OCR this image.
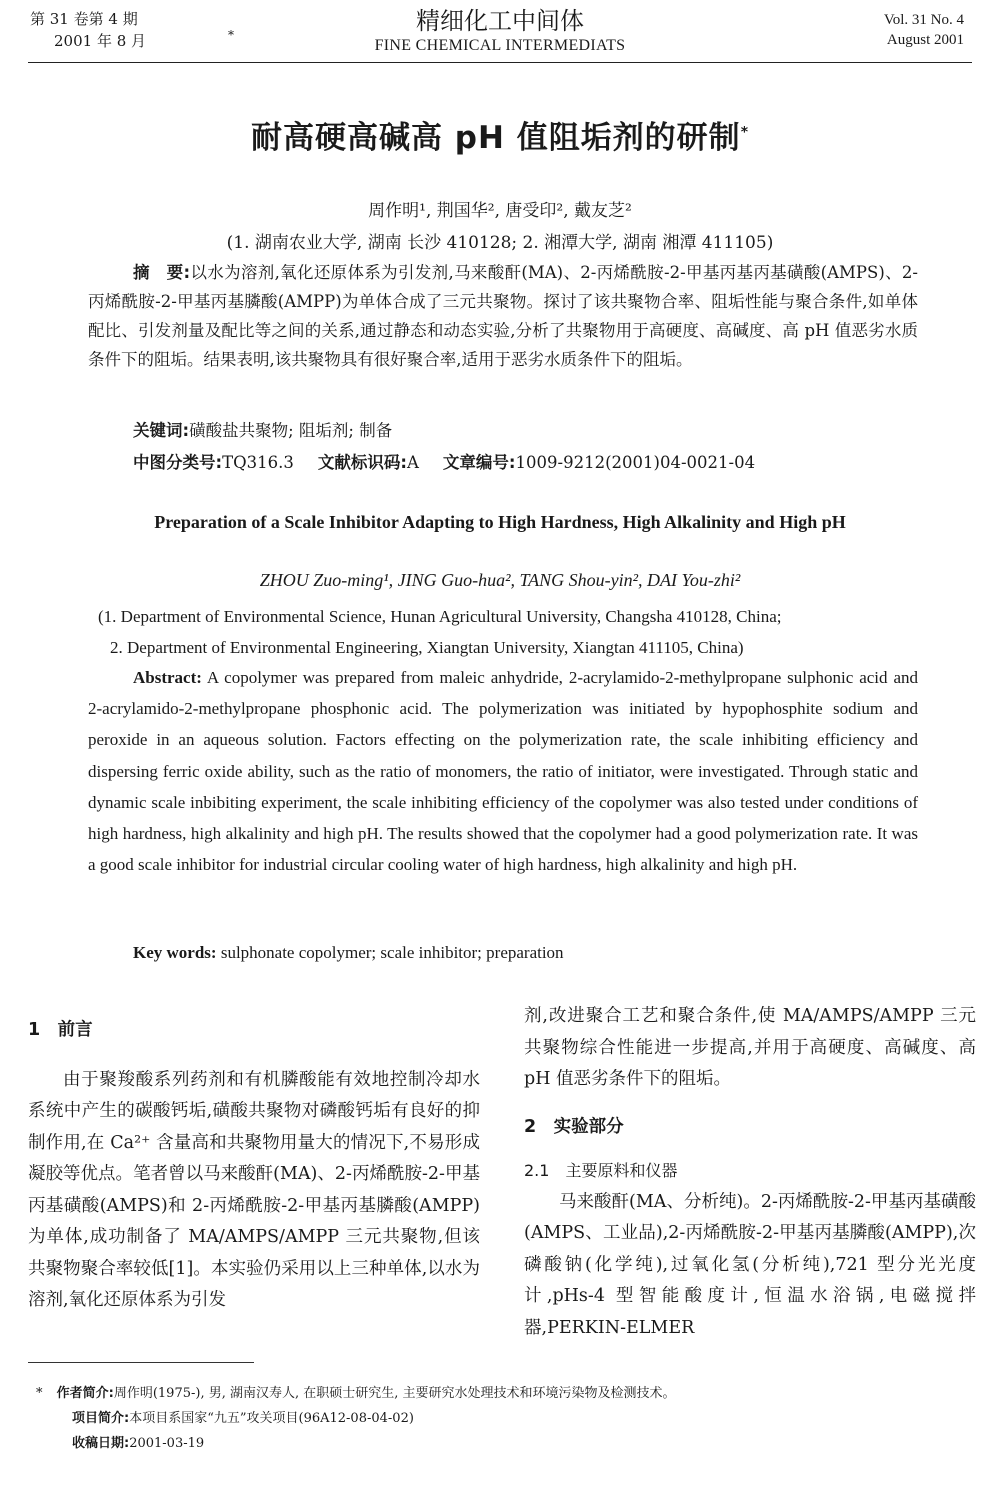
第 31 卷第 4 期
2001 年 8 月	*	精细化工中间体
FINE CHEMICAL INTERMEDIATS
Vol. 31 No. 4
August 2001
耐高硬高碱高 pH 值阻垢剂的研制*
周作明¹, 荆国华², 唐受印², 戴友芝²
(1. 湖南农业大学, 湖南 长沙 410128; 2. 湘潭大学, 湖南 湘潭 411105)
摘　要:以水为溶剂,氧化还原体系为引发剂,马来酸酐(MA)、2-丙烯酰胺-2-甲基丙基丙基磺酸(AMPS)、2-丙烯酰胺-2-甲基丙基膦酸(AMPP)为单体合成了三元共聚物。探讨了该共聚物合率、阻垢性能与聚合条件,如单体配比、引发剂量及配比等之间的关系,通过静态和动态实验,分析了共聚物用于高硬度、高碱度、高 pH 值恶劣水质条件下的阻垢。结果表明,该共聚物具有很好聚合率,适用于恶劣水质条件下的阻垢。
关键词:磺酸盐共聚物; 阻垢剂; 制备
中图分类号:TQ316.3 文献标识码:A 文章编号:1009-9212(2001)04-0021-04
Preparation of a Scale Inhibitor Adapting to High Hardness, High Alkalinity and High pH
ZHOU Zuo-ming¹, JING Guo-hua², TANG Shou-yin², DAI You-zhi²
(1. Department of Environmental Science, Hunan Agricultural University, Changsha 410128, China;
2. Department of Environmental Engineering, Xiangtan University, Xiangtan 411105, China)
Abstract: A copolymer was prepared from maleic anhydride, 2-acrylamido-2-methylpropane sulphonic acid and 2-acrylamido-2-methylpropane phosphonic acid. The polymerization was initiated by hypophosphite sodium and peroxide in an aqueous solution. Factors effecting on the polymerization rate, the scale inhibiting efficiency and dispersing ferric oxide ability, such as the ratio of monomers, the ratio of initiator, were investigated. Through static and dynamic scale inbibiting experiment, the scale inhibiting efficiency of the copolymer was also tested under conditions of high hardness, high alkalinity and high pH. The results showed that the copolymer had a good polymerization rate. It was a good scale inhibitor for industrial circular cooling water of high hardness, high alkalinity and high pH.
Key words: sulphonate copolymer; scale inhibitor; preparation
1　前言

由于聚羧酸系列药剂和有机膦酸能有效地控制冷却水系统中产生的碳酸钙垢,磺酸共聚物对磷酸钙垢有良好的抑制作用,在 Ca²⁺ 含量高和共聚物用量大的情况下,不易形成凝胶等优点。笔者曾以马来酸酐(MA)、2-丙烯酰胺-2-甲基丙基磺酸(AMPS)和 2-丙烯酰胺-2-甲基丙基膦酸(AMPP)为单体,成功制备了 MA/AMPS/AMPP 三元共聚物,但该共聚物聚合率较低[1]。本实验仍采用以上三种单体,以水为溶剂,氧化还原体系为引发

剂,改进聚合工艺和聚合条件,使 MA/AMPS/AMPP 三元共聚物综合性能进一步提高,并用于高硬度、高碱度、高 pH 值恶劣条件下的阻垢。

2　实验部分
2.1　主要原料和仪器

马来酸酐(MA、分析纯)。2-丙烯酰胺-2-甲基丙基磺酸(AMPS、工业品),2-丙烯酰胺-2-甲基丙基膦酸(AMPP),次磷酸钠(化学纯),过氧化氢(分析纯),721 型分光光度计,pHs-4 型智能酸度计,恒温水浴锅,电磁搅拌器,PERKIN-ELMER

* 作者简介:周作明(1975-), 男, 湖南汉寿人, 在职硕士研究生, 主要研究水处理技术和环境污染物及检测技术。
项目简介:本项目系国家“九五”攻关项目(96A12-08-04-02)
收稿日期:2001-03-19
